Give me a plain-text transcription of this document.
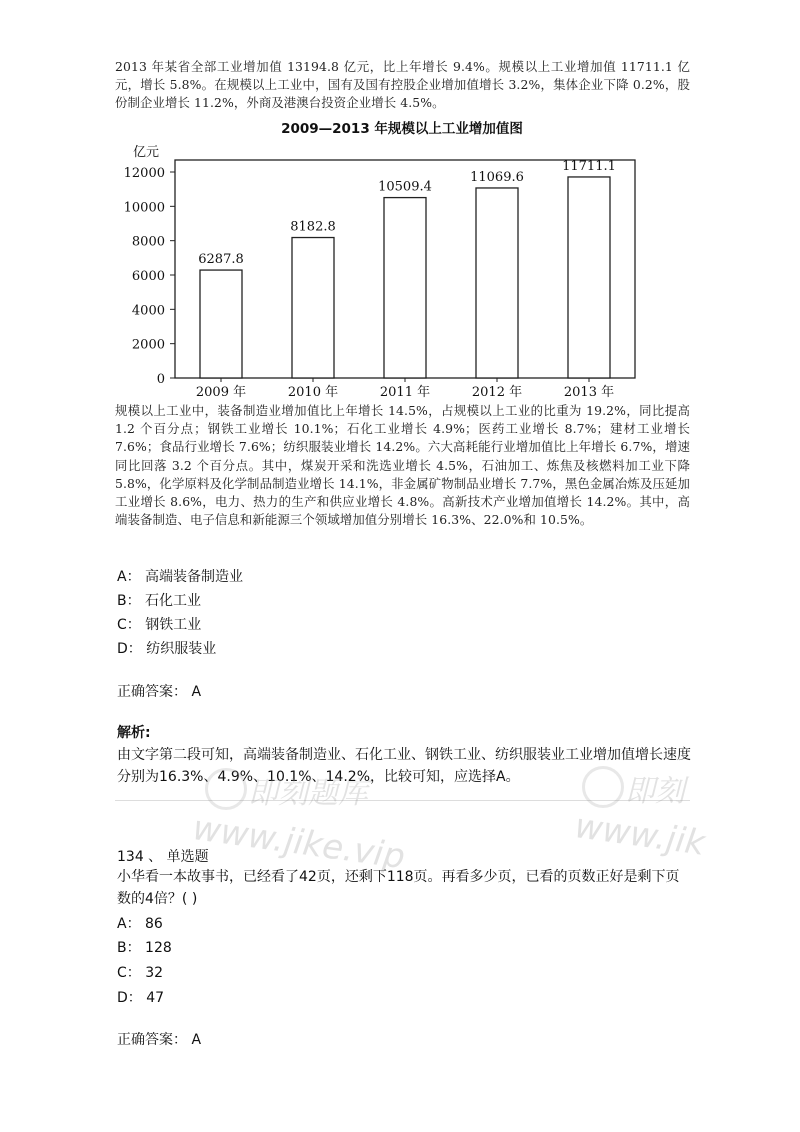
2013 年某省全部工业增加值 13194.8 亿元，比上年增长 9.4%。规模以上工业增加值 11711.1 亿元，增长 5.8%。在规模以上工业中，国有及国有控股企业增加值增长 3.2%，集体企业下降 0.2%，股份制企业增长 11.2%，外商及港澳台投资企业增长 4.5%。

2009—2013 年规模以上工业增加值图
亿元
0
2000
4000
6000
8000
10000
12000
6287.8
2009 年
8182.8
2010 年
10509.4
2011 年
11069.6
2012 年
11711.1
2013 年

规模以上工业中，装备制造业增加值比上年增长 14.5%，占规模以上工业的比重为 19.2%，同比提高 1.2 个百分点；钢铁工业增长 10.1%；石化工业增长 4.9%；医药工业增长 8.7%；建材工业增长 7.6%；食品行业增长 7.6%；纺织服装业增长 14.2%。六大高耗能行业增加值比上年增长 6.7%，增速同比回落 3.2 个百分点。其中，煤炭开采和洗选业增长 4.5%，石油加工、炼焦及核燃料加工业下降 5.8%，化学原料及化学制品制造业增长 14.1%，非金属矿物制品业增长 7.7%，黑色金属冶炼及压延加工业增长 8.6%，电力、热力的生产和供应业增长 4.8%。高新技术产业增加值增长 14.2%。其中，高端装备制造、电子信息和新能源三个领域增加值分别增长 16.3%、22.0%和 10.5%。

A： 高端装备制造业
B： 石化工业
C： 钢铁工业
D： 纺织服装业
正确答案： A
解析:
由文字第二段可知，高端装备制造业、石化工业、钢铁工业、纺织服装业工业增加值增长速度分别为16.3%、4.9%、10.1%、14.2%，比较可知，应选择A。
即刻题库
www.jike.vip
即刻
www.jik
134 、 单选题
小华看一本故事书，已经看了42页，还剩下118页。再看多少页，已看的页数正好是剩下页数的4倍？( )
A： 86
B： 128
C： 32
D： 47
正确答案： A
